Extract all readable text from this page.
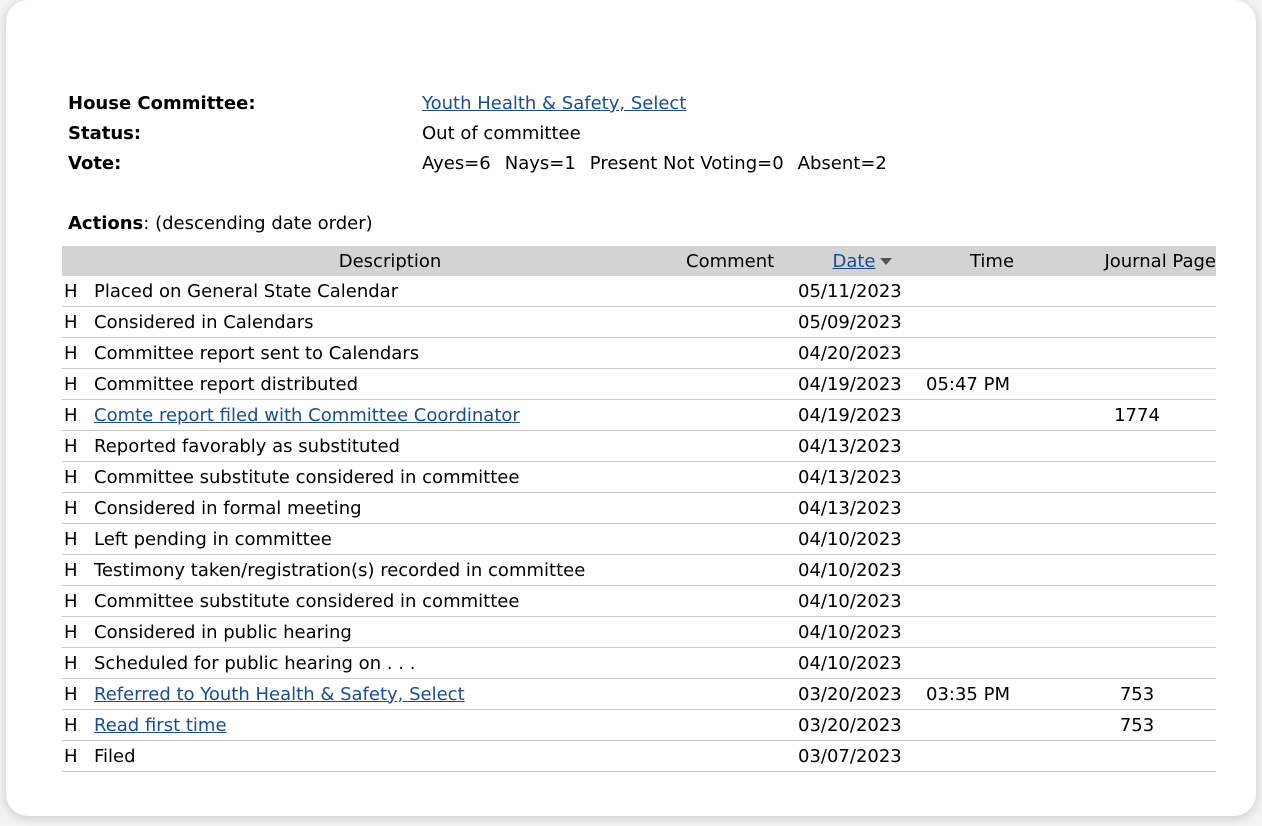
House Committee:	Youth Health & Safety, Select
Status:	Out of committee
Vote:	Ayes=6 Nays=1 Present Not Voting=0 Absent=2
Actions: (descending date order)
	Description	Comment	Date	Time	Journal Page
H	Placed on General State Calendar		05/11/2023		
H	Considered in Calendars		05/09/2023		
H	Committee report sent to Calendars		04/20/2023		
H	Committee report distributed		04/19/2023	05:47 PM	
H	Comte report filed with Committee Coordinator		04/19/2023		1774
H	Reported favorably as substituted		04/13/2023		
H	Committee substitute considered in committee		04/13/2023		
H	Considered in formal meeting		04/13/2023		
H	Left pending in committee		04/10/2023		
H	Testimony taken/registration(s) recorded in committee		04/10/2023		
H	Committee substitute considered in committee		04/10/2023		
H	Considered in public hearing		04/10/2023		
H	Scheduled for public hearing on . . .		04/10/2023		
H	Referred to Youth Health & Safety, Select		03/20/2023	03:35 PM	753
H	Read first time		03/20/2023		753
H	Filed		03/07/2023		
